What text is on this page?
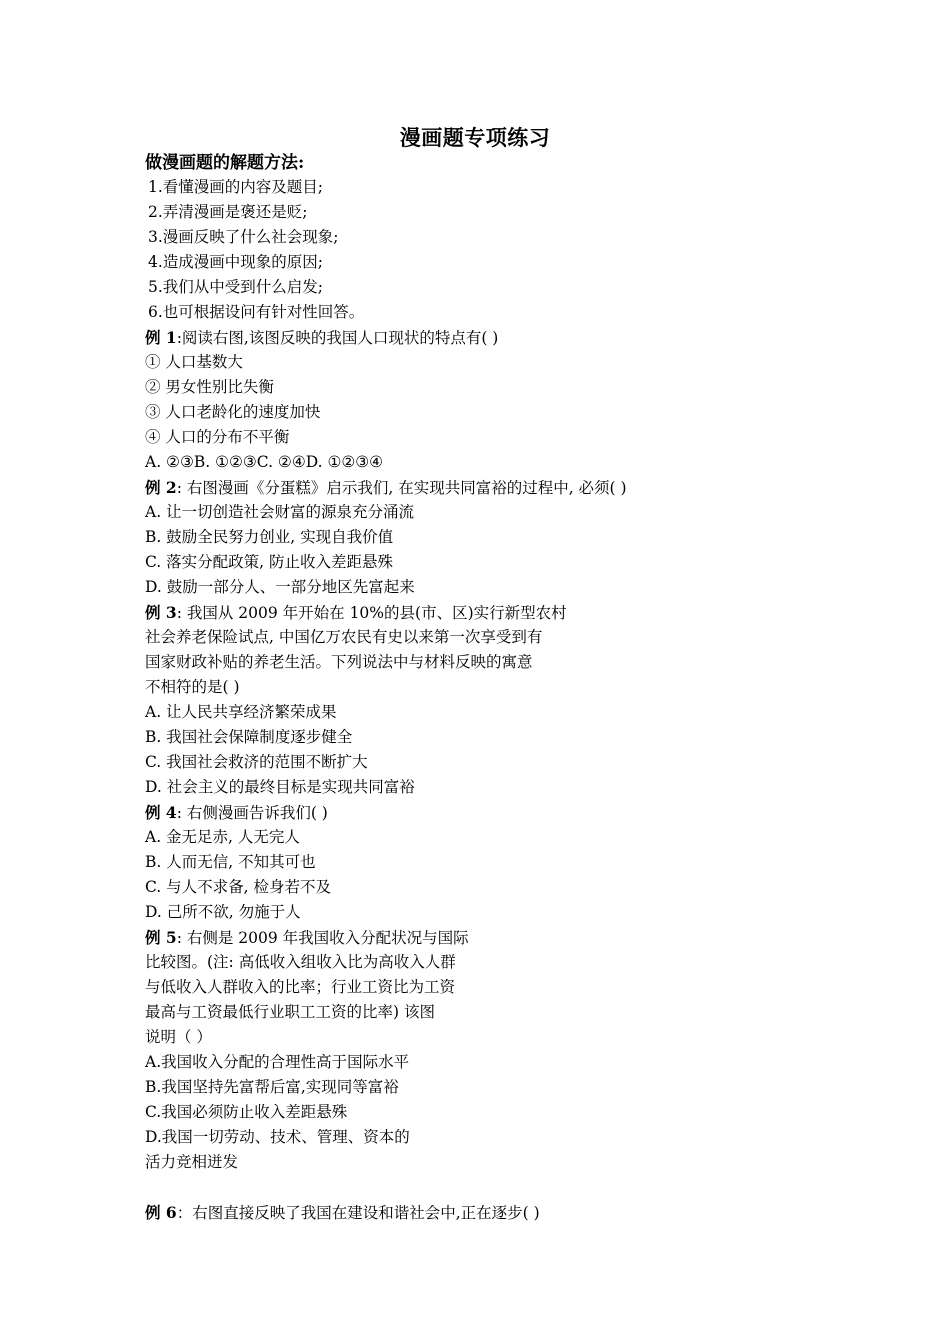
漫画题专项练习
做漫画题的解题方法:
1.看懂漫画的内容及题目;
2.弄清漫画是褒还是贬;
3.漫画反映了什么社会现象;
4.造成漫画中现象的原因;
5.我们从中受到什么启发;
6.也可根据设问有针对性回答。
例 1:阅读右图,该图反映的我国人口现状的特点有( )
① 人口基数大
② 男女性别比失衡
③ 人口老龄化的速度加快
④ 人口的分布不平衡
A. ②③B. ①②③C. ②④D. ①②③④
例 2: 右图漫画《分蛋糕》启示我们, 在实现共同富裕的过程中, 必须( )
A. 让一切创造社会财富的源泉充分涌流
B. 鼓励全民努力创业, 实现自我价值
C. 落实分配政策, 防止收入差距悬殊
D. 鼓励一部分人、一部分地区先富起来
例 3: 我国从 2009 年开始在 10%的县(市、区)实行新型农村
社会养老保险试点, 中国亿万农民有史以来第一次享受到有
国家财政补贴的养老生活。下列说法中与材料反映的寓意
不相符的是( )
A. 让人民共享经济繁荣成果
B. 我国社会保障制度逐步健全
C. 我国社会救济的范围不断扩大
D. 社会主义的最终目标是实现共同富裕
例 4: 右侧漫画告诉我们( )
A. 金无足赤, 人无完人
B. 人而无信, 不知其可也
C. 与人不求备, 检身若不及
D. 己所不欲, 勿施于人
例 5: 右侧是 2009 年我国收入分配状况与国际
比较图。(注: 高低收入组收入比为高收入人群
与低收入人群收入的比率；行业工资比为工资
最高与工资最低行业职工工资的比率) 该图
说明（ ）
A.我国收入分配的合理性高于国际水平
B.我国坚持先富帮后富,实现同等富裕
C.我国必须防止收入差距悬殊
D.我国一切劳动、技术、管理、资本的
活力竞相迸发
例 6：右图直接反映了我国在建设和谐社会中,正在逐步( )
